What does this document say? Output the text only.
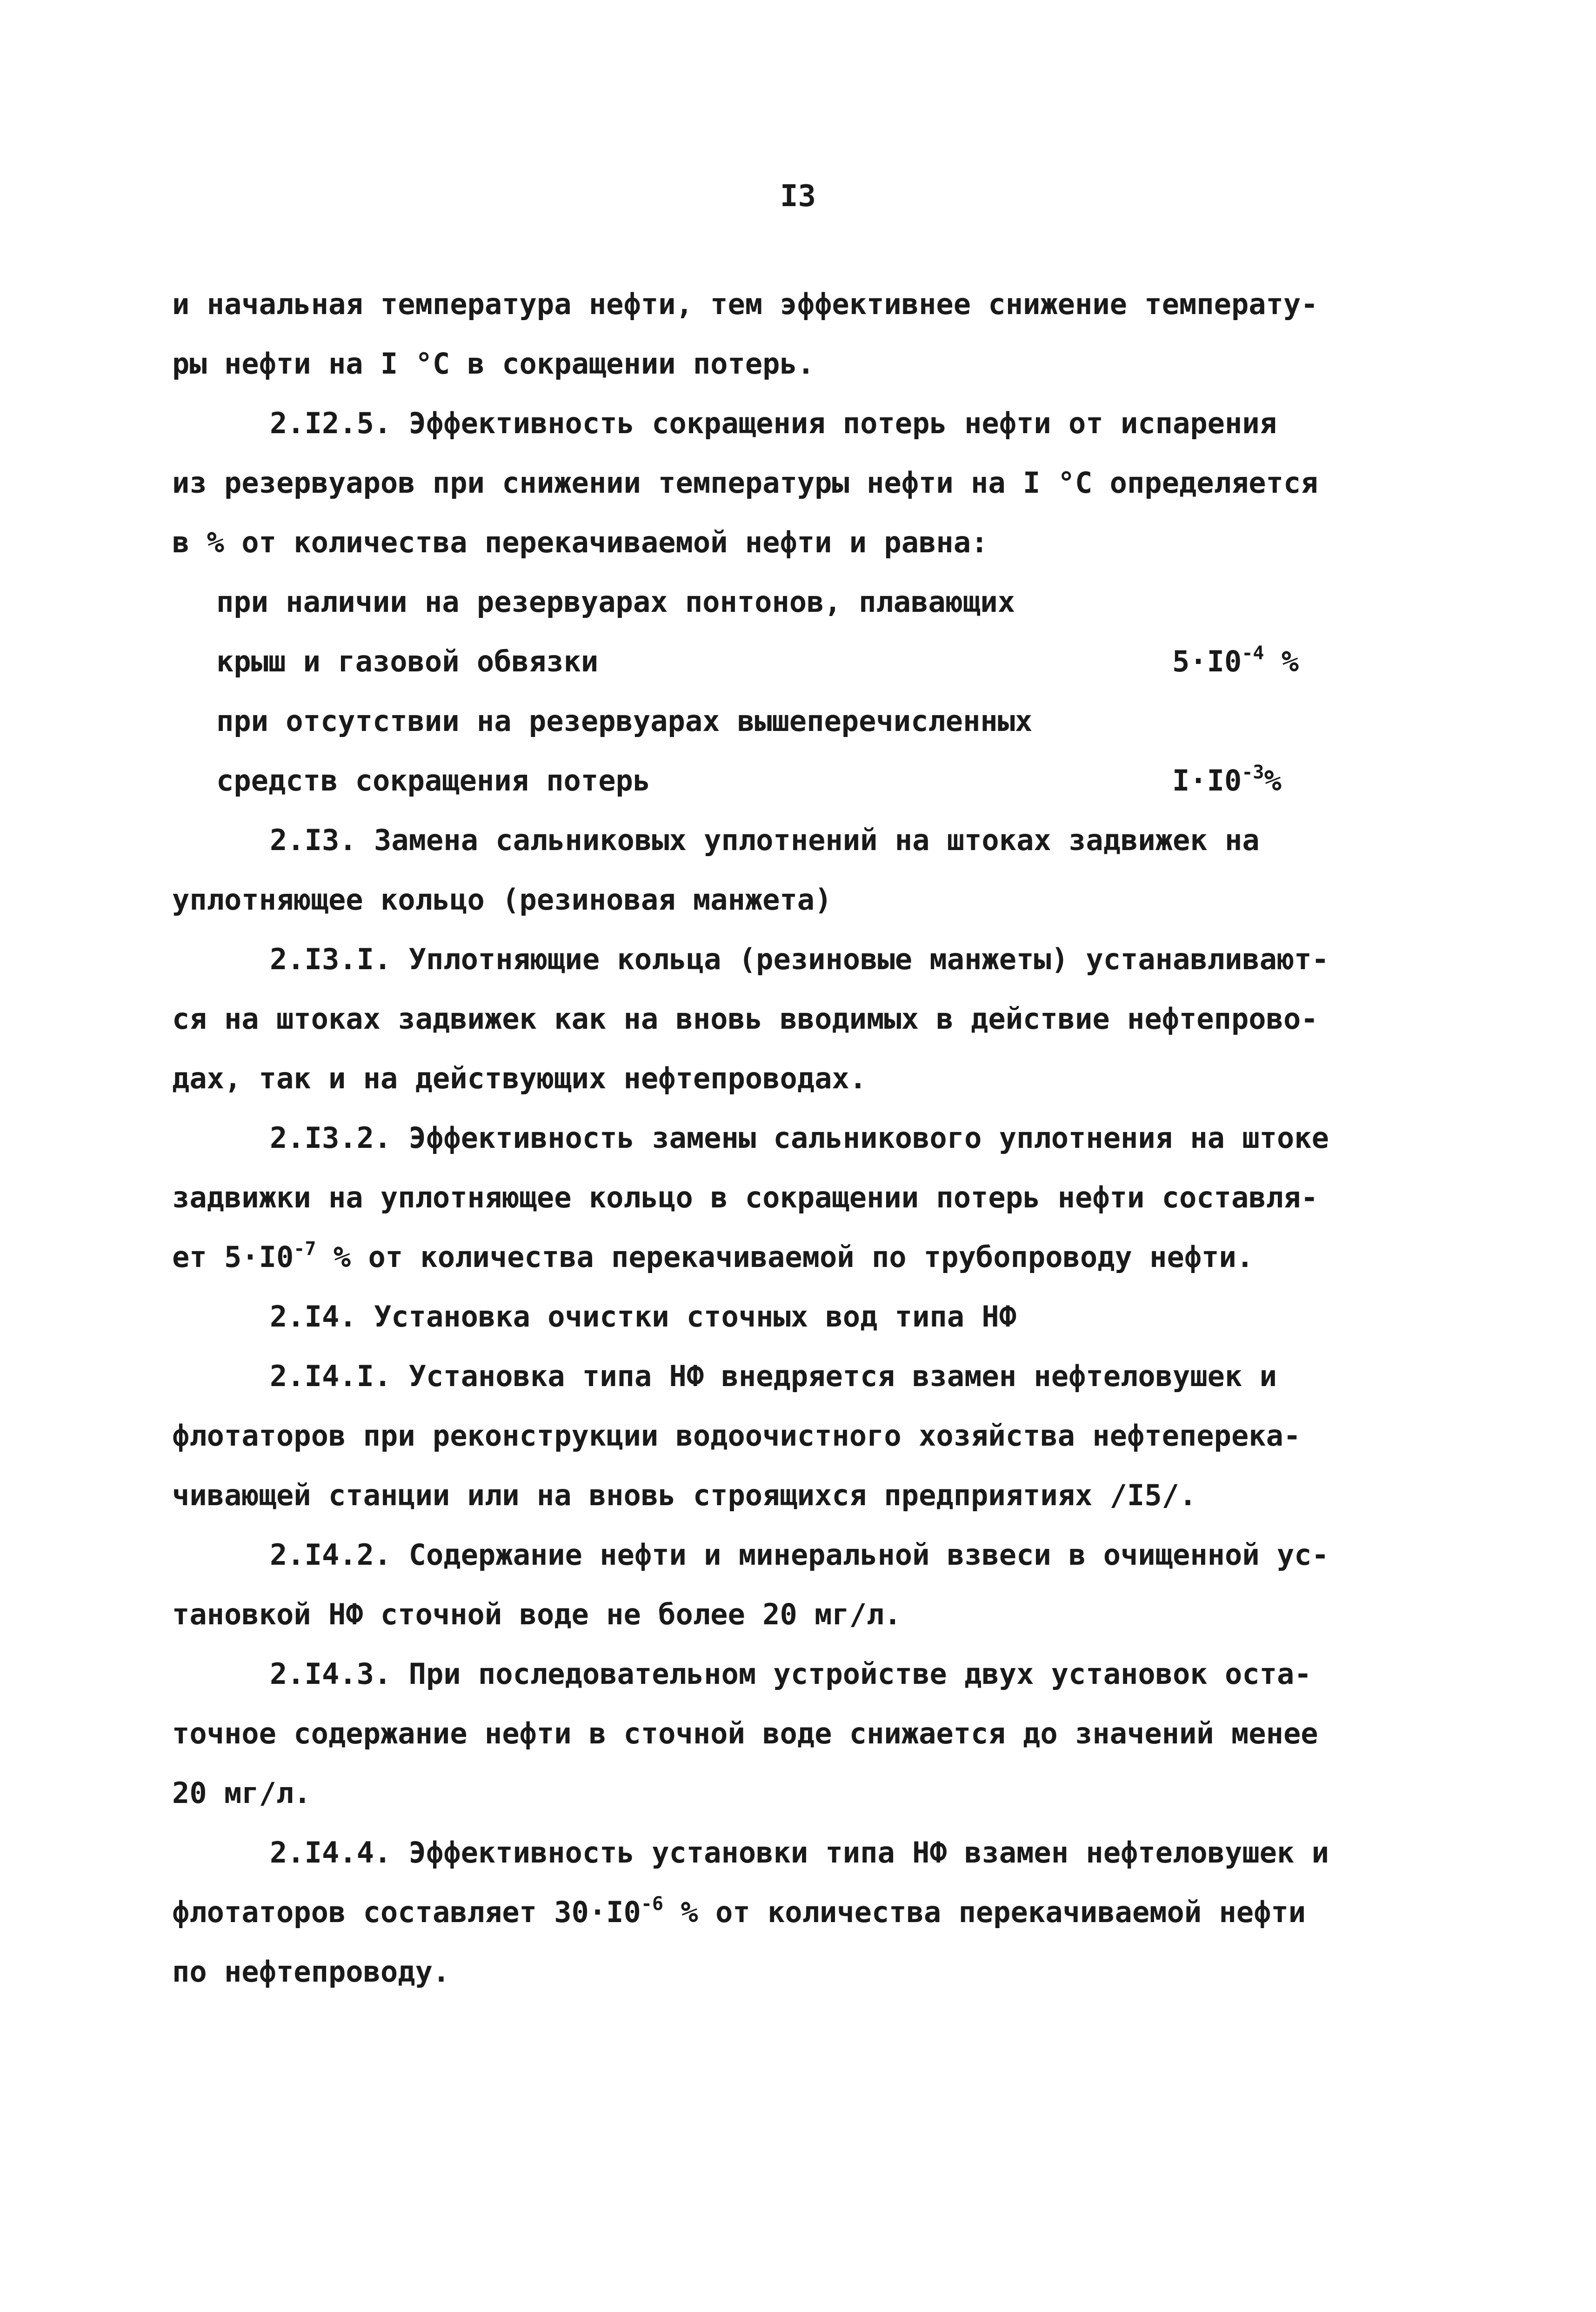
I3
и начальная температура нефти, тем эффективнее снижение температу-
ры нефти на I °C в сокращении потерь.
2.I2.5. Эффективность сокращения потерь нефти от испарения
из резервуаров при снижении температуры нефти на I °C определяется
в % от количества перекачиваемой нефти и равна:
при наличии на резервуарах понтонов, плавающих
крыш и газовой обвязки	$5\cdot I0^{-4}$ %
при отсутствии на резервуарах вышеперечисленных
средств сокращения потерь	$I\cdot I0^{-3}\%$
2.I3. Замена сальниковых уплотнений на штоках задвижек на
уплотняющее кольцо (резиновая манжета)
2.I3.I. Уплотняющие кольца (резиновые манжеты) устанавливают-
ся на штоках задвижек как на вновь вводимых в действие нефтепрово-
дах, так и на действующих нефтепроводах.
2.I3.2. Эффективность замены сальникового уплотнения на штоке
задвижки на уплотняющее кольцо в сокращении потерь нефти составля-
ет $5\cdot I0^{-7}$ % от количества перекачиваемой по трубопроводу нефти.
2.I4. Установка очистки сточных вод типа НФ
2.I4.I. Установка типа НФ внедряется взамен нефтеловушек и
флотаторов при реконструкции водоочистного хозяйства нефтеперека-
чивающей станции или на вновь строящихся предприятиях /I5/.
2.I4.2. Содержание нефти и минеральной взвеси в очищенной ус-
тановкой НФ сточной воде не более 20 мг/л.
2.I4.3. При последовательном устройстве двух установок оста-
точное содержание нефти в сточной воде снижается до значений менее
20 мг/л.
2.I4.4. Эффективность установки типа НФ взамен нефтеловушек и
флотаторов составляет $30\cdot I0^{-6}$ % от количества перекачиваемой нефти
по нефтепроводу.
